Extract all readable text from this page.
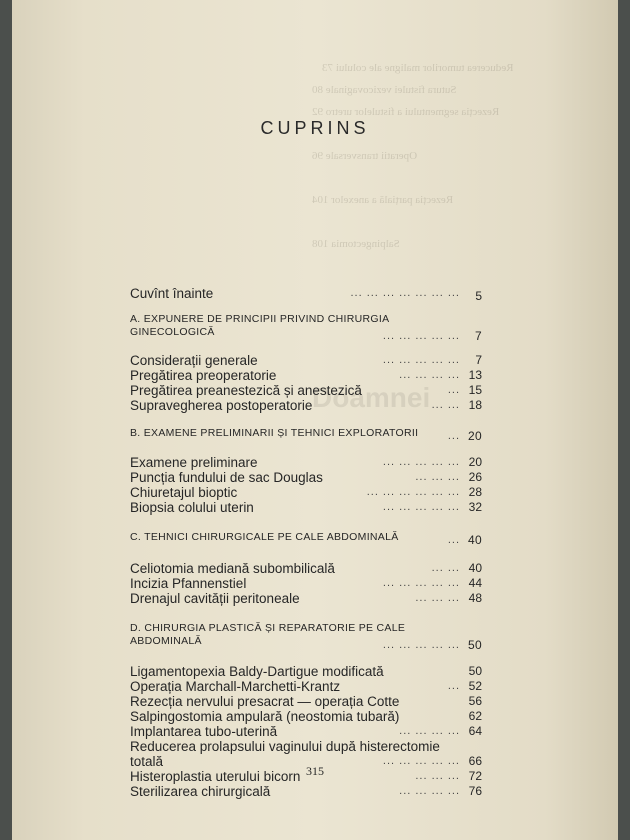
Reducerea tumorilor maligne ale colului 73
Sutura fistulei vezicovaginale 80
Rezecția segmentului a fistulelor uretro 92
Operatii transversale 96
Rezecția parțială a anexelor 104
Salpingectomia 108
CUPRINS
Doamnei
Cuvînt înainte	... ... ... ... ... ... ... 5
A. EXPUNERE DE PRINCIPII PRIVIND CHIRURGIA GINECOLOGICĂ	... ... ... ... ... 7
Considerații generale	... ... ... ... ... 7
Pregătirea preoperatorie	... ... ... ... 13
Pregătirea preanestezică și anestezică	... 15
Supravegherea postoperatorie	... ... 18
B. EXAMENE PRELIMINARII ȘI TEHNICI EXPLORATORII	... 20
Examene preliminare	... ... ... ... ... 20
Puncția fundului de sac Douglas	... ... ... 26
Chiuretajul bioptic	... ... ... ... ... ... 28
Biopsia colului uterin	... ... ... ... ... 32
C. TEHNICI CHIRURGICALE PE CALE ABDOMINALĂ	... 40
Celiotomia mediană subombilicală	... ... 40
Incizia Pfannenstiel	... ... ... ... ... 44
Drenajul cavității peritoneale	... ... ... 48
D. CHIRURGIA PLASTICĂ ȘI REPARATORIE PE CALE ABDOMINALĂ	... ... ... ... ... 50
Ligamentopexia Baldy-Dartigue modificată	50
Operația Marchall-Marchetti-Krantz	... 52
Rezecția nervului presacrat — operația Cotte	56
Salpingostomia ampulară (neostomia tubară)	62
Implantarea tubo-uterină	... ... ... ... 64
Reducerea prolapsului vaginului după histerectomie totală	... ... ... ... ... 66
Histeroplastia uterului bicorn	... ... ... 72
Sterilizarea chirurgicală	... ... ... ... 76
315
